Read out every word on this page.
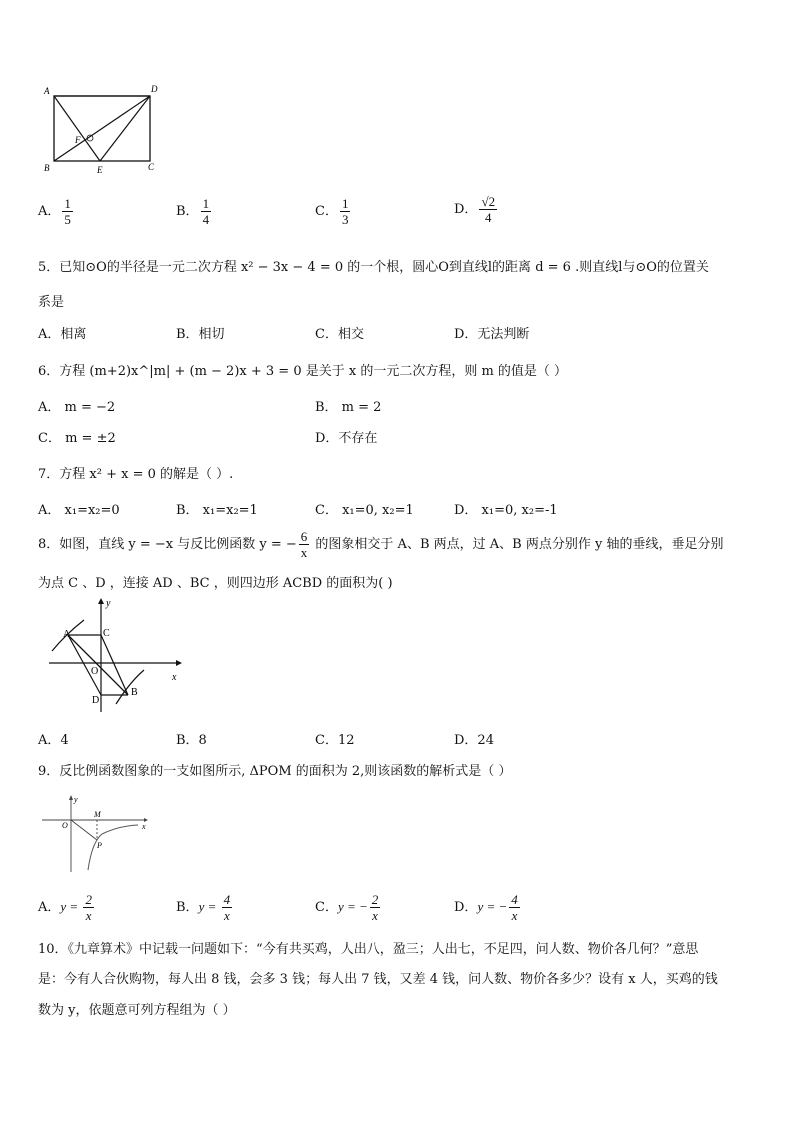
A	D
B	C
E
F
A． $\frac{1}{5}$	B． $\frac{1}{4}$	C． $\frac{1}{3}$	D． $\frac{√2}{4}$
5．已知⊙O的半径是一元二次方程 x² − 3x − 4 = 0 的一个根，圆心O到直线l的距离 d = 6 .则直线l与⊙O的位置关
系是
A．相离	B．相切	C．相交	D．无法判断
6．方程 (m+2)x^|m| + (m − 2)x + 3 = 0 是关于 x 的一元二次方程，则 m 的值是（ ）
A． m = −2	B． m = 2
C． m = ±2	D．不存在
7．方程 x² + x = 0 的解是（ ）.
A． x₁=x₂=0	B． x₁=x₂=1	C． x₁=0, x₂=1	D． x₁=0, x₂=-1
8．如图，直线 y = −x 与反比例函数 y = − $\frac{6}{x}$ 的图象相交于 A、B 两点，过 A、B 两点分别作 y 轴的垂线，垂足分别
为点 C 、D ，连接 AD 、BC ，则四边形 ACBD 的面积为( )
y
x
A	C
O
D
B
A．4	B．8	C．12	D．24
9．反比例函数图象的一支如图所示, ΔPOM 的面积为 2,则该函数的解析式是（ ）
y
x
O
M
P
A．$y = \frac{2}{x}$	B．$y = \frac{4}{x}$	C．y = − $\frac{2}{x}$	D．y = − $\frac{4}{x}$
10．《九章算术》中记载一问题如下：“今有共买鸡，人出八，盈三；人出七，不足四，问人数、物价各几何？”意思
是：今有人合伙购物，每人出 8 钱，会多 3 钱；每人出 7 钱，又差 4 钱，问人数、物价各多少？设有 x 人，买鸡的钱
数为 y，依题意可列方程组为（ ）
